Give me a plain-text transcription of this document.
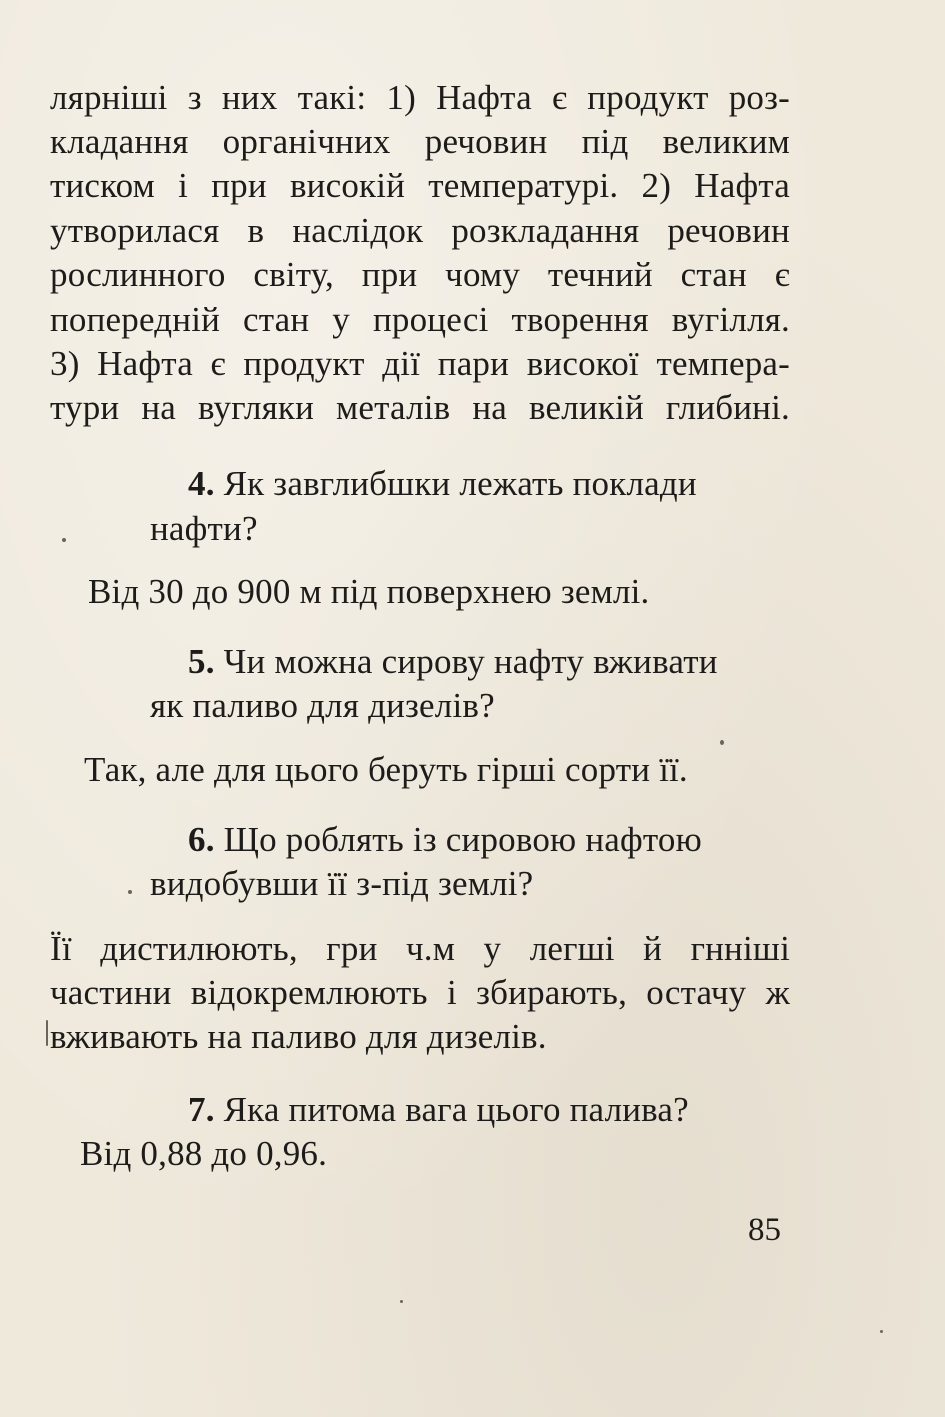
лярніші з них такі: 1) Нафта є продукт роз-
кладання органічних речовин під великим
тиском і при високій температурі. 2) Нафта
утворилася в наслідок розкладання речовин
рослинного світу, при чому течний стан є
попередній стан у процесі творення вугілля.
3) Нафта є продукт дії пари високої темпера-
тури на вугляки металів на великій глибині.
4. Як завглибшки лежать поклади
нафти?
Від 30 до 900 м під поверхнею землі.
5. Чи можна сирову нафту вживати
як паливо для дизелів?
Так, але для цього беруть гірші сорти її.
6. Що роблять із сировою нафтою
видобувши її з-під землі?
Її дистилюють, гри ч.м у легші й гнніші
частини відокремлюють і збирають, остачу ж
вживають на паливо для дизелів.
7. Яка питома вага цього палива?
Від 0,88 до 0,96.
85
